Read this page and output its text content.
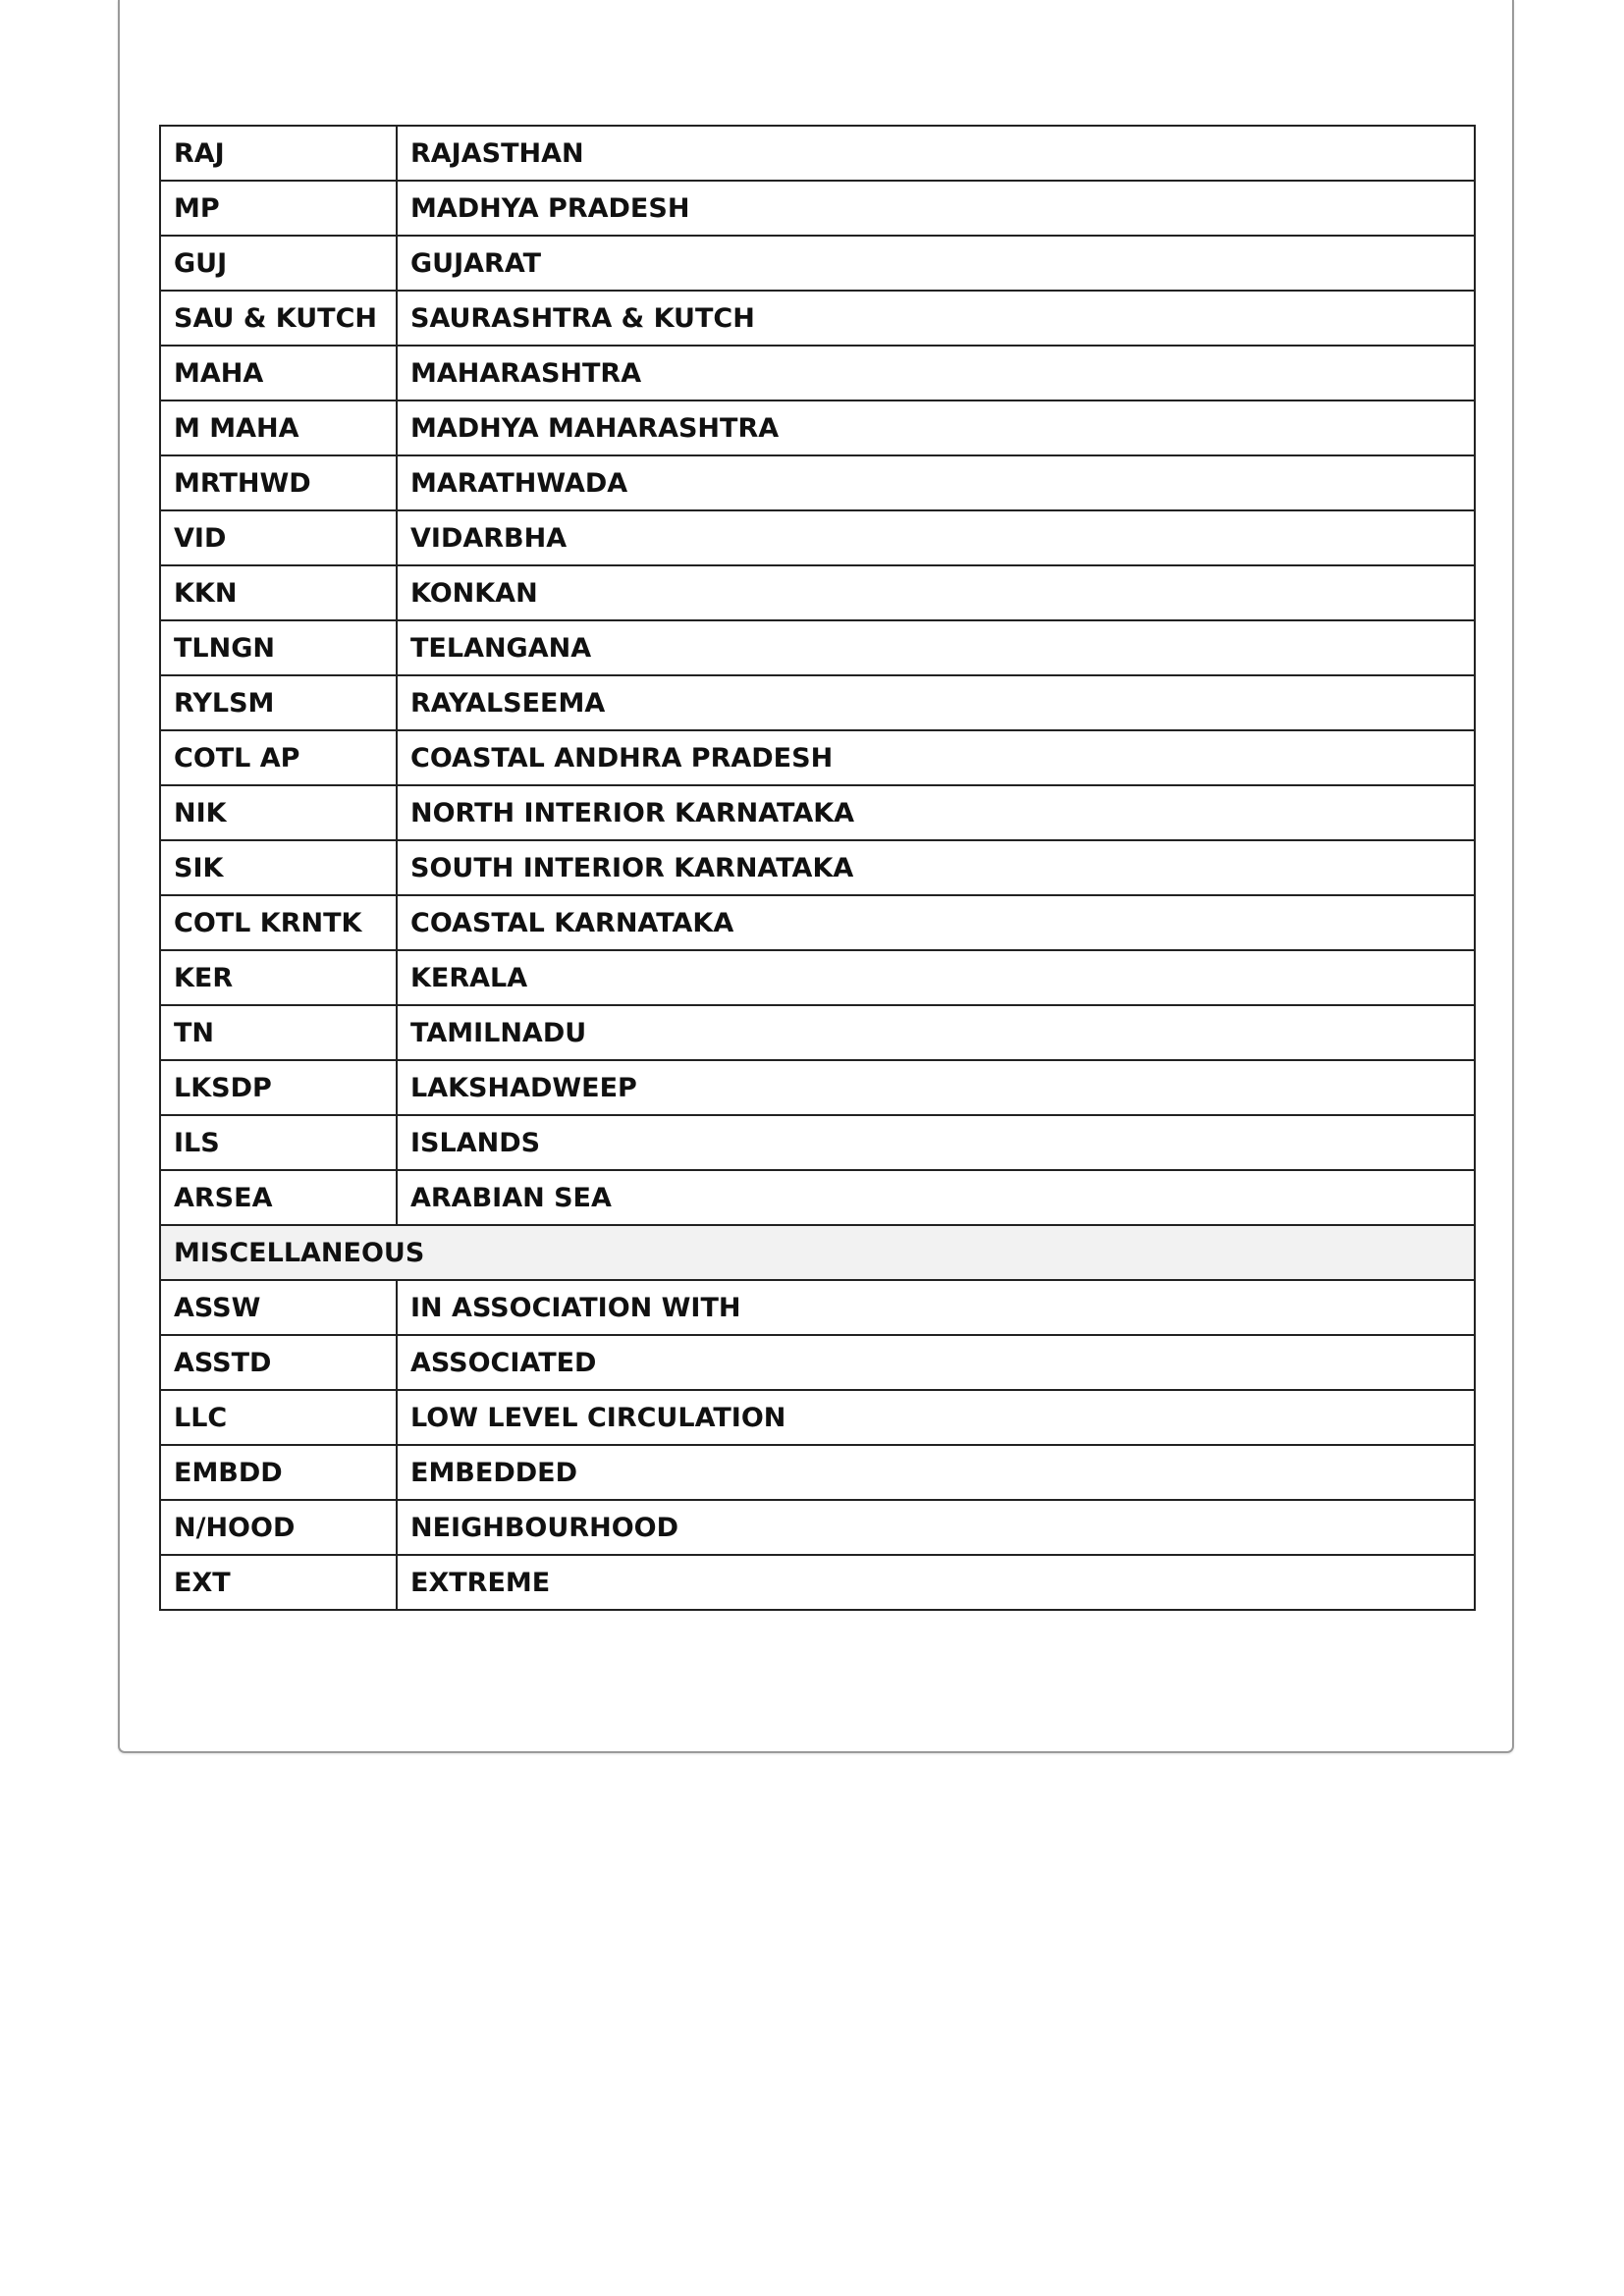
RAJ	RAJASTHAN
MP	MADHYA PRADESH
GUJ	GUJARAT
SAU & KUTCH	SAURASHTRA & KUTCH
MAHA	MAHARASHTRA
M MAHA	MADHYA MAHARASHTRA
MRTHWD	MARATHWADA
VID	VIDARBHA
KKN	KONKAN
TLNGN	TELANGANA
RYLSM	RAYALSEEMA
COTL AP	COASTAL ANDHRA PRADESH
NIK	NORTH INTERIOR KARNATAKA
SIK	SOUTH INTERIOR KARNATAKA
COTL KRNTK	COASTAL KARNATAKA
KER	KERALA
TN	TAMILNADU
LKSDP	LAKSHADWEEP
ILS	ISLANDS
ARSEA	ARABIAN SEA
MISCELLANEOUS	
ASSW	IN ASSOCIATION WITH
ASSTD	ASSOCIATED
LLC	LOW LEVEL CIRCULATION
EMBDD	EMBEDDED
N/HOOD	NEIGHBOURHOOD
EXT	EXTREME
